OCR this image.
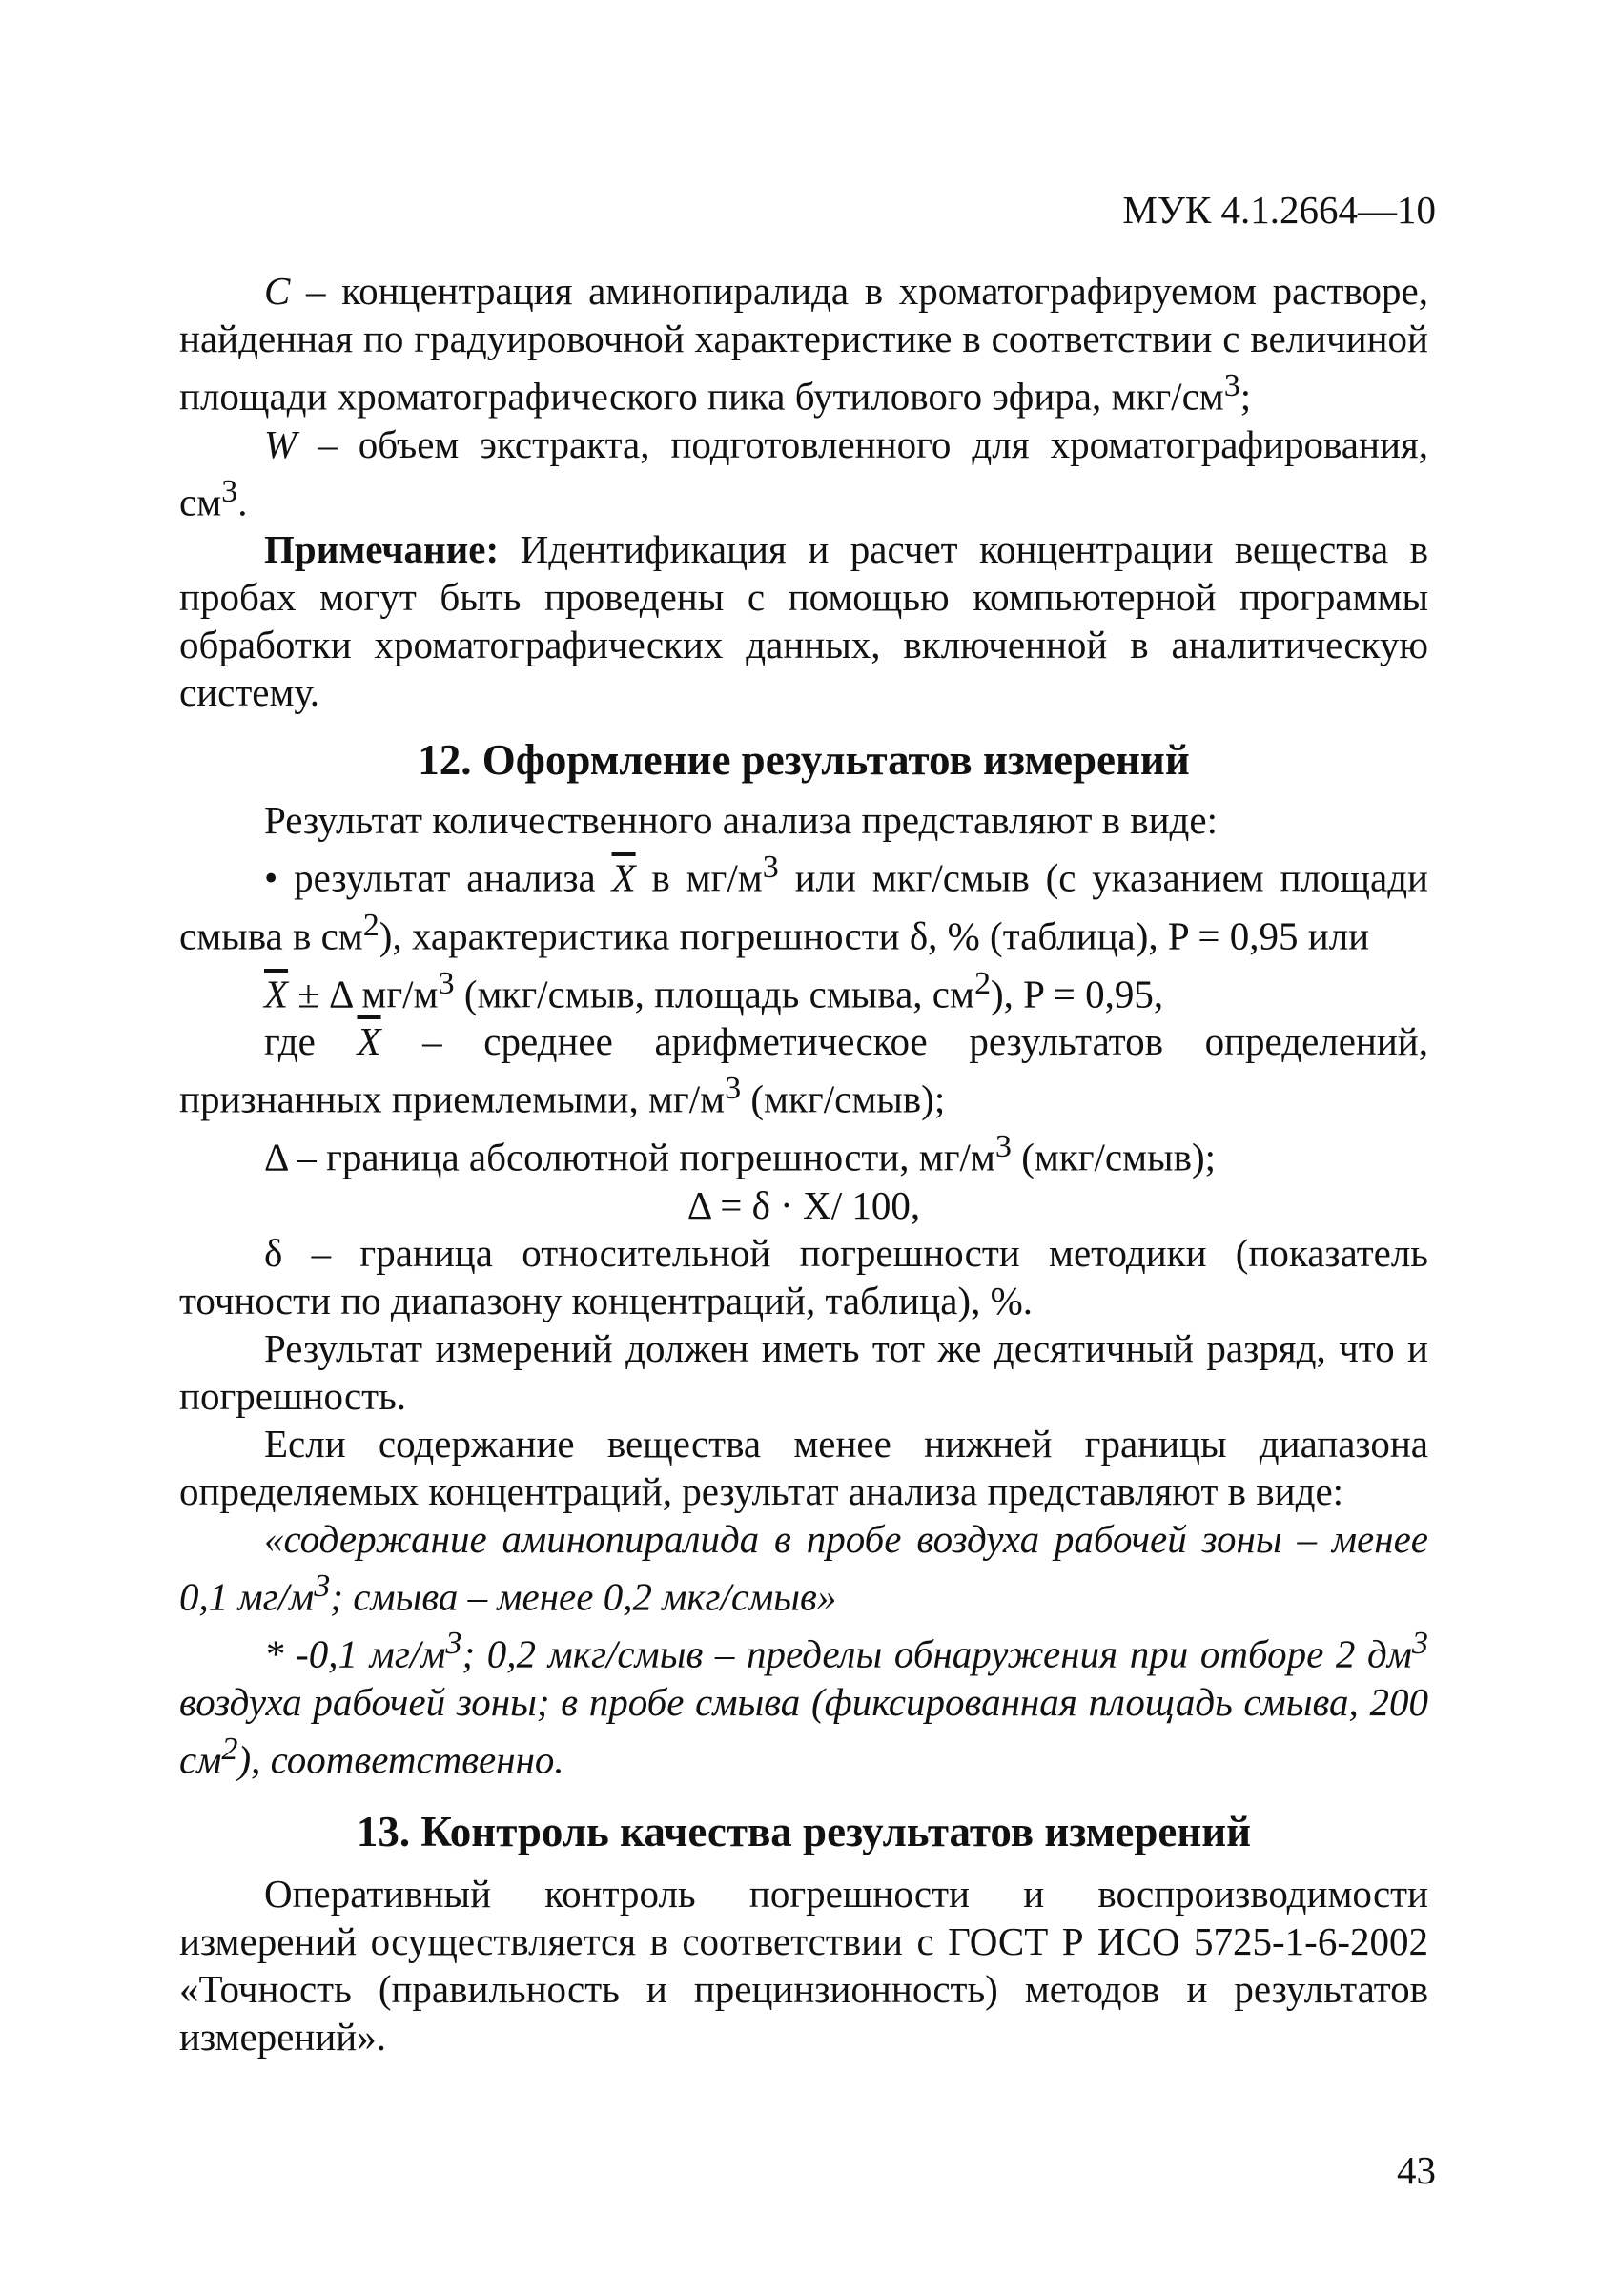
МУК 4.1.2664—10

С – концентрация аминопиралида в хроматографируемом растворе, найденная по градуировочной характеристике в соответствии с величиной площади хроматографического пика бутилового эфира, мкг/$см^3$;

W – объем экстракта, подготовленного для хроматографирования, $см^3$.

Примечание: Идентификация и расчет концентрации вещества в пробах могут быть проведены с помощью компьютерной программы обработки хроматографических данных, включенной в аналитическую систему.

12. Оформление результатов измерений

Результат количественного анализа представляют в виде:

• результат анализа $\overline{X}$ в $мг/м^3$ или мкг/смыв (с указанием площади смыва в $см^2$), характеристика погрешности δ, % (таблица), P = 0,95 или

$\overline{X} \pm \Delta$ $мг/м^3$ (мкг/смыв, площадь смыва, $см^2$), P = 0,95,

где $\overline{X}$ – среднее арифметическое результатов определений, признанных приемлемыми, $мг/м^3$ (мкг/смыв);

Δ – граница абсолютной погрешности, $мг/м^3$ (мкг/смыв);

Δ = δ · X/ 100,

δ – граница относительной погрешности методики (показатель точности по диапазону концентраций, таблица), %.

Результат измерений должен иметь тот же десятичный разряд, что и погрешность.

Если содержание вещества менее нижней границы диапазона определяемых концентраций, результат анализа представляют в виде:

«содержание аминопиралида в пробе воздуха рабочей зоны – менее 0,1 $мг/м^3$; смыва – менее 0,2 мкг/смыв»

* -0,1 $мг/м^3$; 0,2 мкг/смыв – пределы обнаружения при отборе 2 $дм^3$ воздуха рабочей зоны; в пробе смыва (фиксированная площадь смыва, 200 $см^2$), соответственно.

13. Контроль качества результатов измерений

Оперативный контроль погрешности и воспроизводимости измерений осуществляется в соответствии с ГОСТ Р ИСО 5725-1-6-2002 «Точность (правильность и прецинзионность) методов и результатов измерений».

43
